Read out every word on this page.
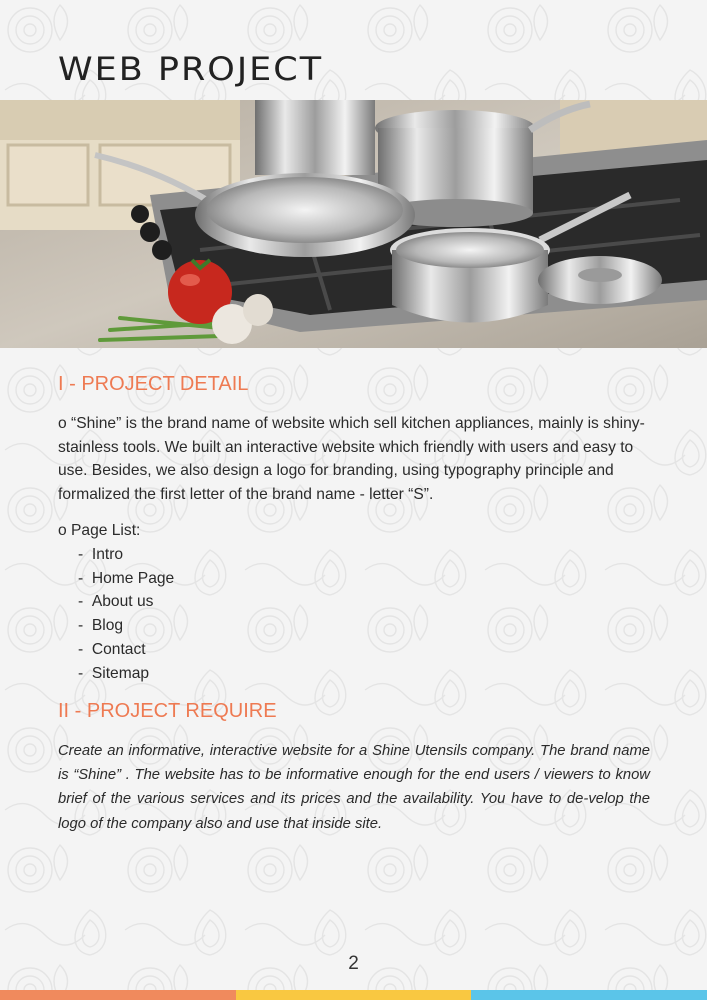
WEB PROJECT
I - PROJECT DETAIL

o “Shine” is the brand name of website which sell kitchen appliances, mainly is shiny-stainless tools. We built an interactive website which friendly with users and easy to use. Besides, we also design a logo for branding, using typography principle and formalized the first letter of the brand name - letter “S”.

o Page List:
-  Intro
-  Home Page
-  About us
-  Blog
-  Contact
-  Sitemap
II - PROJECT REQUIRE

Create an informative, interactive website for a Shine Utensils company. The brand name is “Shine” . The website has to be informative enough for the end users / viewers to know brief of the various services and its prices and the availability. You have to de-velop the logo of the company also and use that inside site.

2
